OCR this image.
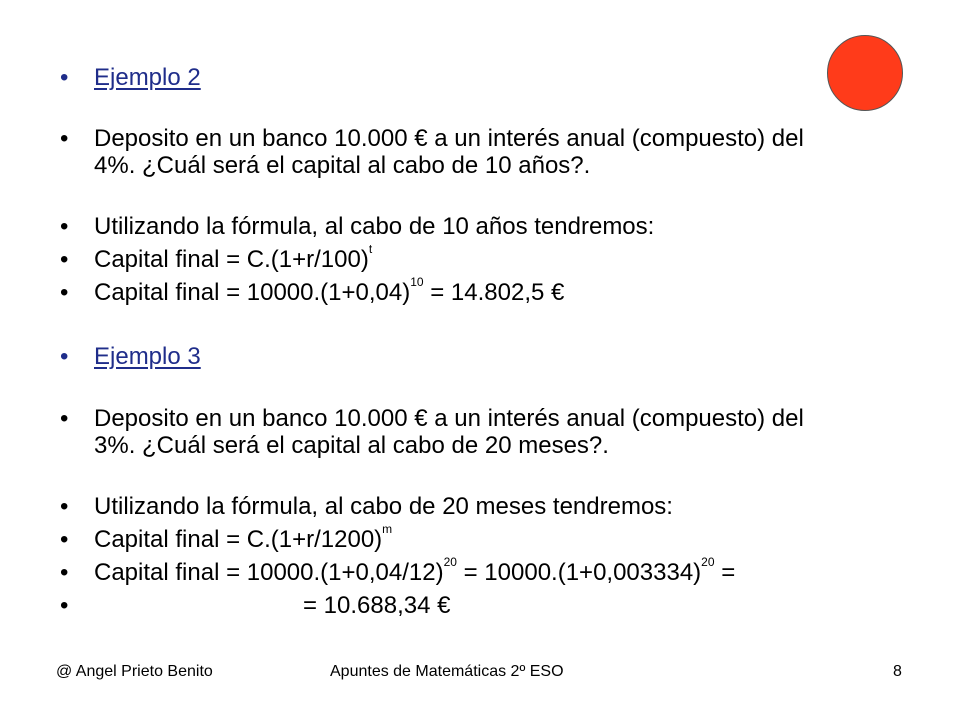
•	Ejemplo 2
•	Deposito en un banco 10.000 € a un interés anual (compuesto) del
4%. ¿Cuál será el capital al cabo de 10 años?.
•	Utilizando la fórmula, al cabo de 10 años tendremos:
•	Capital final = $C.(1+r/100)^t$
•	Capital final = $10000.(1+0,04)^{10} = 14.802,5$ €
•	Ejemplo 3
•	Deposito en un banco 10.000 € a un interés anual (compuesto) del
3%. ¿Cuál será el capital al cabo de 20 meses?.
•	Utilizando la fórmula, al cabo de 20 meses tendremos:
•	Capital final = $C.(1+r/1200)^m$
•	Capital final = $10000.(1+0,04/12)^{20} = 10000.(1+0,003334)^{20}$ =
•	= 10.688,34 €
@ Angel Prieto Benito	Apuntes de Matemáticas 2º ESO	8
